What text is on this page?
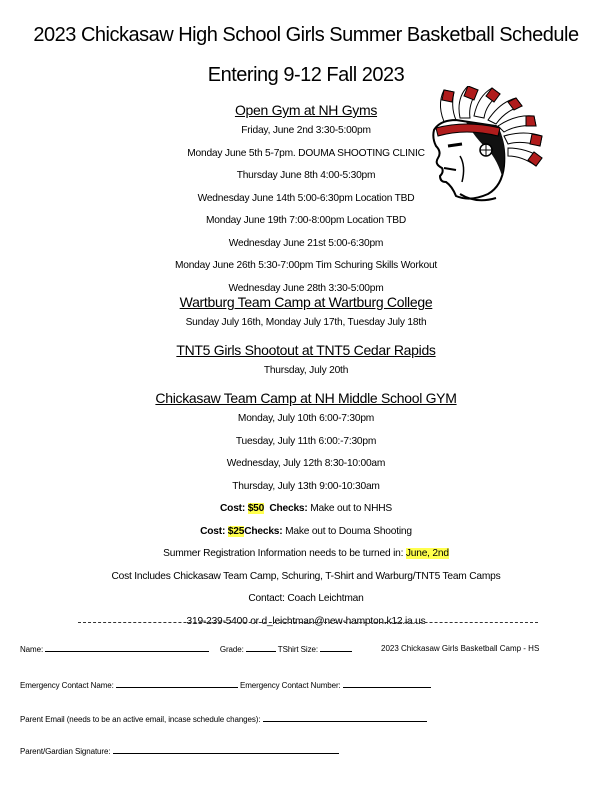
2023 Chickasaw High School Girls Summer Basketball Schedule
Entering 9-12 Fall 2023
Open Gym at NH Gyms
Friday, June 2nd 3:30-5:00pm
Monday June 5th 5-7pm. DOUMA SHOOTING CLINIC
Thursday June 8th 4:00-5:30pm
Wednesday June 14th 5:00-6:30pm Location TBD
Monday June 19th 7:00-8:00pm Location TBD
Wednesday June 21st 5:00-6:30pm
Monday June 26th 5:30-7:00pm Tim Schuring Skills Workout
Wednesday June 28th 3:30-5:00pm
Wartburg Team Camp at Wartburg College
Sunday July 16th, Monday July 17th, Tuesday July 18th
TNT5 Girls Shootout at TNT5 Cedar Rapids
Thursday, July 20th
Chickasaw Team Camp at NH Middle School GYM
Monday, July 10th 6:00-7:30pm
Tuesday, July 11th 6:00:-7:30pm
Wednesday, July 12th 8:30-10:00am
Thursday, July 13th 9:00-10:30am
Cost: $50 Checks: Make out to NHHS
Cost: $25Checks: Make out to Douma Shooting
Summer Registration Information needs to be turned in: June, 2nd
Cost Includes Chickasaw Team Camp, Schuring, T-Shirt and Warburg/TNT5 Team Camps
Contact: Coach Leichtman
319-239-5400 or d_leichtman@new-hampton.k12.ia.us
Name:	Grade:	TShirt Size:	2023 Chickasaw Girls Basketball Camp - HS
Emergency Contact Name:	Emergency Contact Number:
Parent Email (needs to be an active email, incase schedule changes):
Parent/Gardian Signature:
